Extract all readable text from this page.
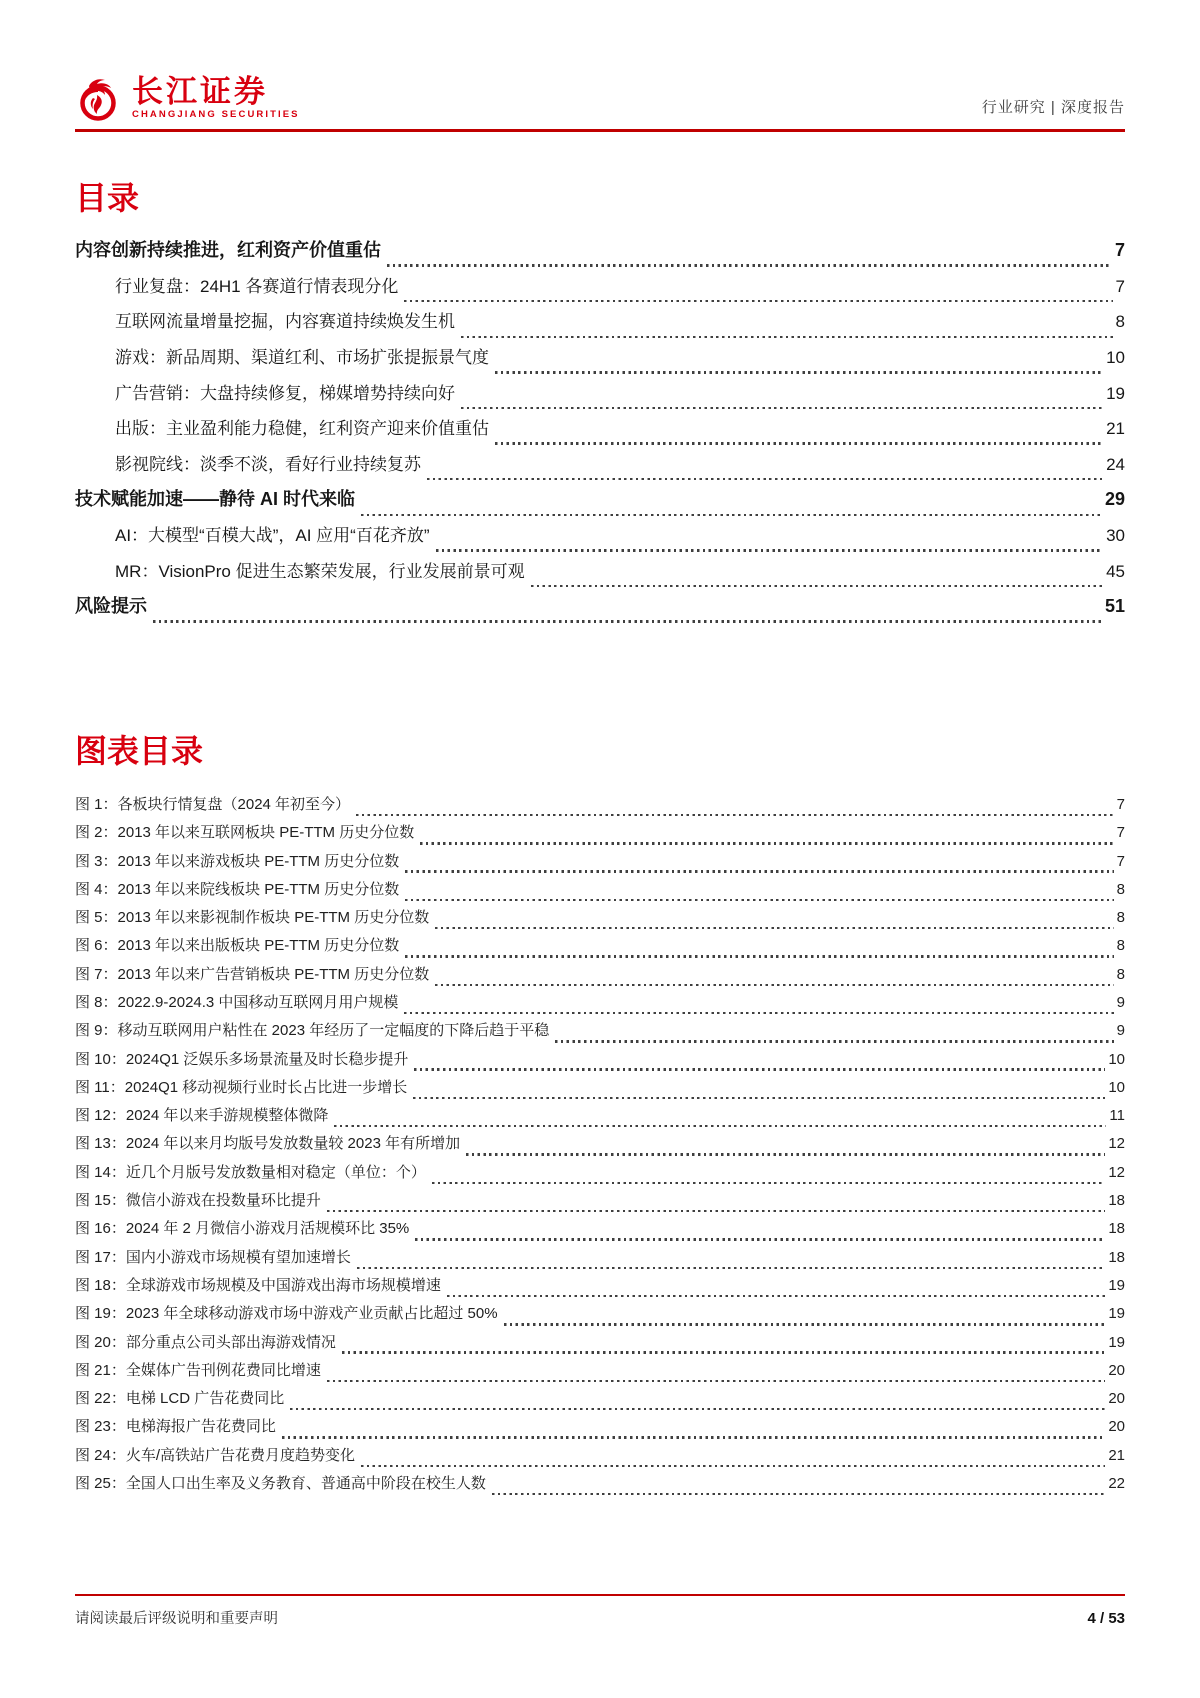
长江证券
CHANGJIANG SECURITIES	行业研究 | 深度报告
目录
内容创新持续推进，红利资产价值重估	7
行业复盘：24H1 各赛道行情表现分化	7
互联网流量增量挖掘，内容赛道持续焕发生机	8
游戏：新品周期、渠道红利、市场扩张提振景气度	10
广告营销：大盘持续修复，梯媒增势持续向好	19
出版：主业盈利能力稳健，红利资产迎来价值重估	21
影视院线：淡季不淡，看好行业持续复苏	24
技术赋能加速——静待 AI 时代来临	29
AI：大模型“百模大战”，AI 应用“百花齐放”	30
MR：VisionPro 促进生态繁荣发展，行业发展前景可观	45
风险提示	51
图表目录
图 1：各板块行情复盘（2024 年初至今）	7
图 2：2013 年以来互联网板块 PE-TTM 历史分位数	7
图 3：2013 年以来游戏板块 PE-TTM 历史分位数	7
图 4：2013 年以来院线板块 PE-TTM 历史分位数	8
图 5：2013 年以来影视制作板块 PE-TTM 历史分位数	8
图 6：2013 年以来出版板块 PE-TTM 历史分位数	8
图 7：2013 年以来广告营销板块 PE-TTM 历史分位数	8
图 8：2022.9-2024.3 中国移动互联网月用户规模	9
图 9：移动互联网用户粘性在 2023 年经历了一定幅度的下降后趋于平稳	9
图 10：2024Q1 泛娱乐多场景流量及时长稳步提升	10
图 11：2024Q1 移动视频行业时长占比进一步增长	10
图 12：2024 年以来手游规模整体微降	11
图 13：2024 年以来月均版号发放数量较 2023 年有所增加	12
图 14：近几个月版号发放数量相对稳定（单位：个）	12
图 15：微信小游戏在投数量环比提升	18
图 16：2024 年 2 月微信小游戏月活规模环比 35%	18
图 17：国内小游戏市场规模有望加速增长	18
图 18：全球游戏市场规模及中国游戏出海市场规模增速	19
图 19：2023 年全球移动游戏市场中游戏产业贡献占比超过 50%	19
图 20：部分重点公司头部出海游戏情况	19
图 21：全媒体广告刊例花费同比增速	20
图 22：电梯 LCD 广告花费同比	20
图 23：电梯海报广告花费同比	20
图 24：火车/高铁站广告花费月度趋势变化	21
图 25：全国人口出生率及义务教育、普通高中阶段在校生人数	22
请阅读最后评级说明和重要声明	4 / 53
